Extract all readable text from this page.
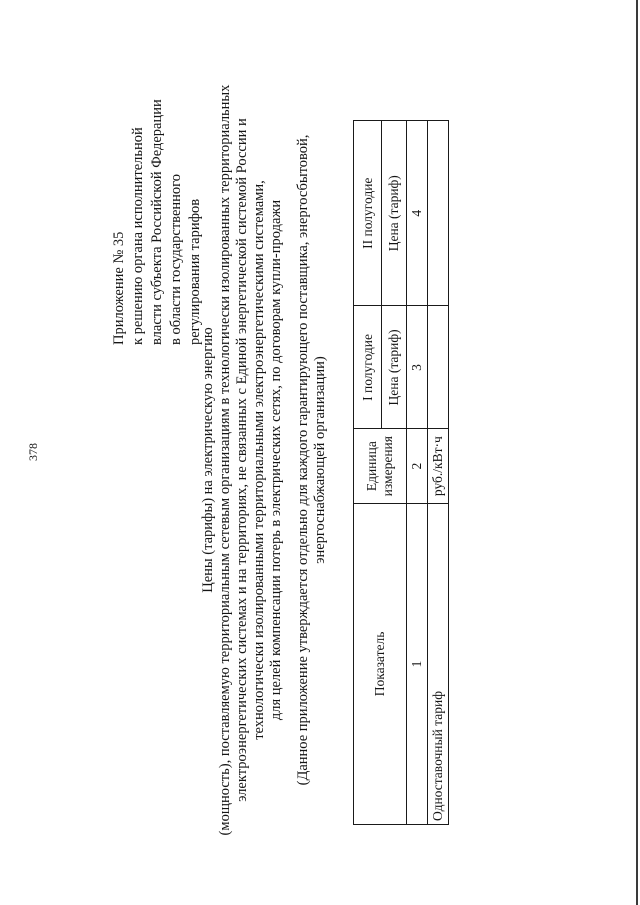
378
Приложение № 35 к решению органа исполнительной власти субъекта Российской Федерации в области государственного регулирования тарифов
Цены (тарифы) на электрическую энергию (мощность), поставляемую территориальным сетевым организациям в технологически изолированных территориальных электроэнергетических системах и на территориях, не связанных с Единой энергетической системой России и технологически изолированными территориальными электроэнергетическими системами, для целей компенсации потерь в электрических сетях, по договорам купли-продажи (Данное приложение утверждается отдельно для каждого гарантирующего поставщика, энергосбытовой, энергоснабжающей организации)
Показатель	Единица измерения	I полугодие	II полугодие
		Цена (тариф)	Цена (тариф)
1	2	3	4
Одноставочный тариф	руб./кВт·ч		
